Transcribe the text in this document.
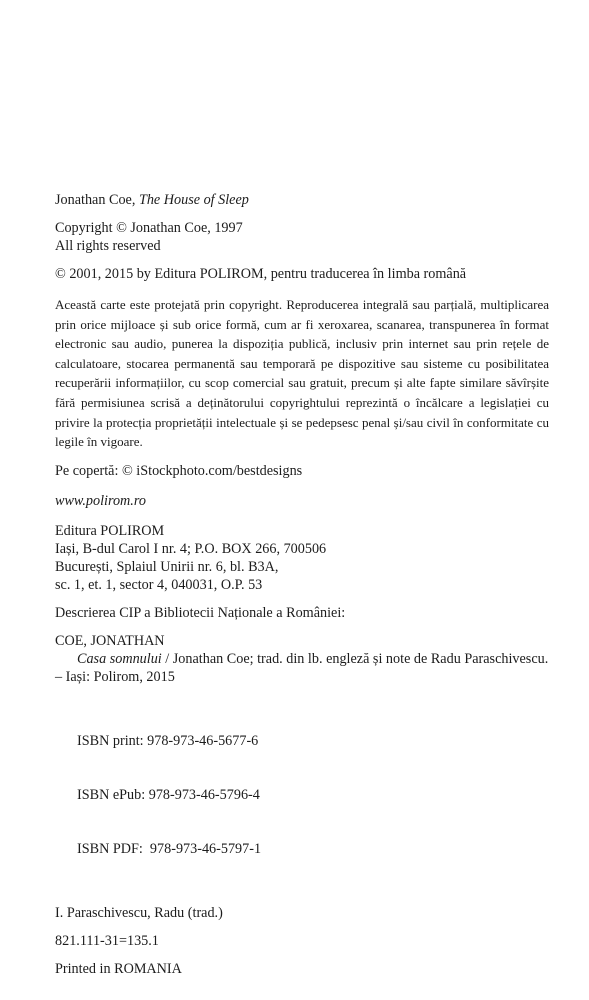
Jonathan Coe, The House of Sleep

Copyright © Jonathan Coe, 1997
All rights reserved

© 2001, 2015 by Editura POLIROM, pentru traducerea în limba română

Această carte este protejată prin copyright. Reproducerea integrală sau parțială, multiplicarea prin orice mijloace și sub orice formă, cum ar fi xeroxarea, scanarea, transpunerea în format electronic sau audio, punerea la dispoziția publică, inclusiv prin internet sau prin rețele de calculatoare, stocarea permanentă sau temporară pe dispozitive sau sisteme cu posibilitatea recuperării informațiilor, cu scop comercial sau gratuit, precum și alte fapte similare săvîrșite fără permisiunea scrisă a deținătorului copyrightului reprezintă o încălcare a legislației cu privire la protecția proprietății intelectuale și se pedepsesc penal și/sau civil în conformitate cu legile în vigoare.

Pe copertă: © iStockphoto.com/bestdesigns

www.polirom.ro

Editura POLIROM
Iași, B-dul Carol I nr. 4; P.O. BOX 266, 700506
București, Splaiul Unirii nr. 6, bl. B3A,
sc. 1, et. 1, sector 4, 040031, O.P. 53

Descrierea CIP a Bibliotecii Naționale a României:

COE, JONATHAN

Casa somnului / Jonathan Coe; trad. din lb. engleză și note de Radu Paraschivescu. – Iași: Polirom, 2015

ISBN print: 978-973-46-5677-6

ISBN ePub: 978-973-46-5796-4

ISBN PDF:  978-973-46-5797-1

I. Paraschivescu, Radu (trad.)

821.111-31=135.1

Printed in ROMANIA
